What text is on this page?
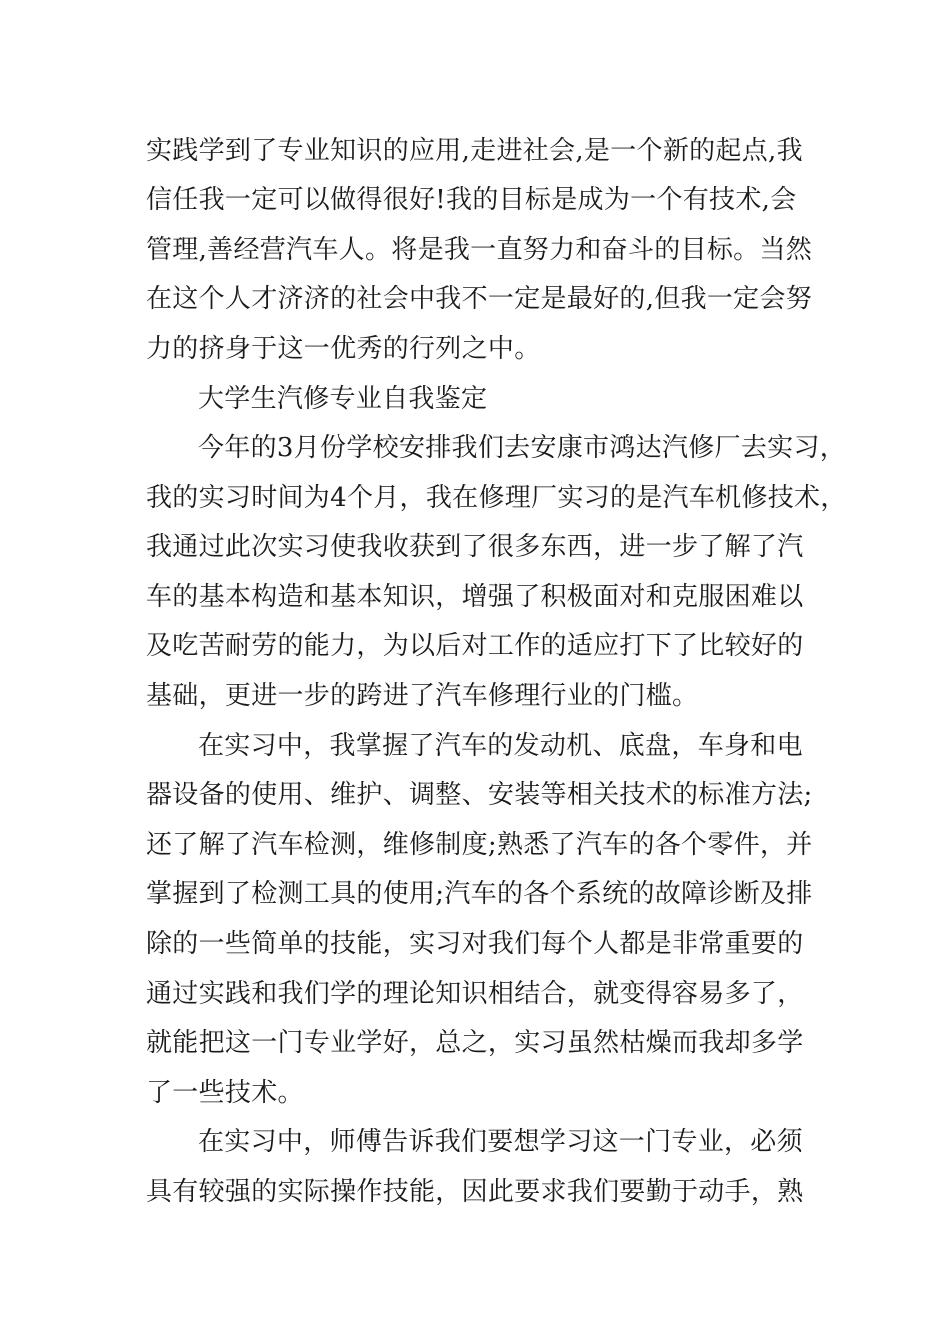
实践学到了专业知识的应用,走进社会,是一个新的起点,我
信任我一定可以做得很好!我的目标是成为一个有技术,会
管理,善经营汽车人。将是我一直努力和奋斗的目标。当然
在这个人才济济的社会中我不一定是最好的,但我一定会努
力的挤身于这一优秀的行列之中。
大学生汽修专业自我鉴定
今年的3月份学校安排我们去安康市鸿达汽修厂去实习，
我的实习时间为4个月，我在修理厂实习的是汽车机修技术，
我通过此次实习使我收获到了很多东西，进一步了解了汽
车的基本构造和基本知识，增强了积极面对和克服困难以
及吃苦耐劳的能力，为以后对工作的适应打下了比较好的
基础，更进一步的跨进了汽车修理行业的门槛。
在实习中，我掌握了汽车的发动机、底盘，车身和电
器设备的使用、维护、调整、安装等相关技术的标准方法;
还了解了汽车检测，维修制度;熟悉了汽车的各个零件，并
掌握到了检测工具的使用;汽车的各个系统的故障诊断及排
除的一些简单的技能，实习对我们每个人都是非常重要的
通过实践和我们学的理论知识相结合，就变得容易多了，
就能把这一门专业学好，总之，实习虽然枯燥而我却多学
了一些技术。
在实习中，师傅告诉我们要想学习这一门专业，必须
具有较强的实际操作技能，因此要求我们要勤于动手，熟
